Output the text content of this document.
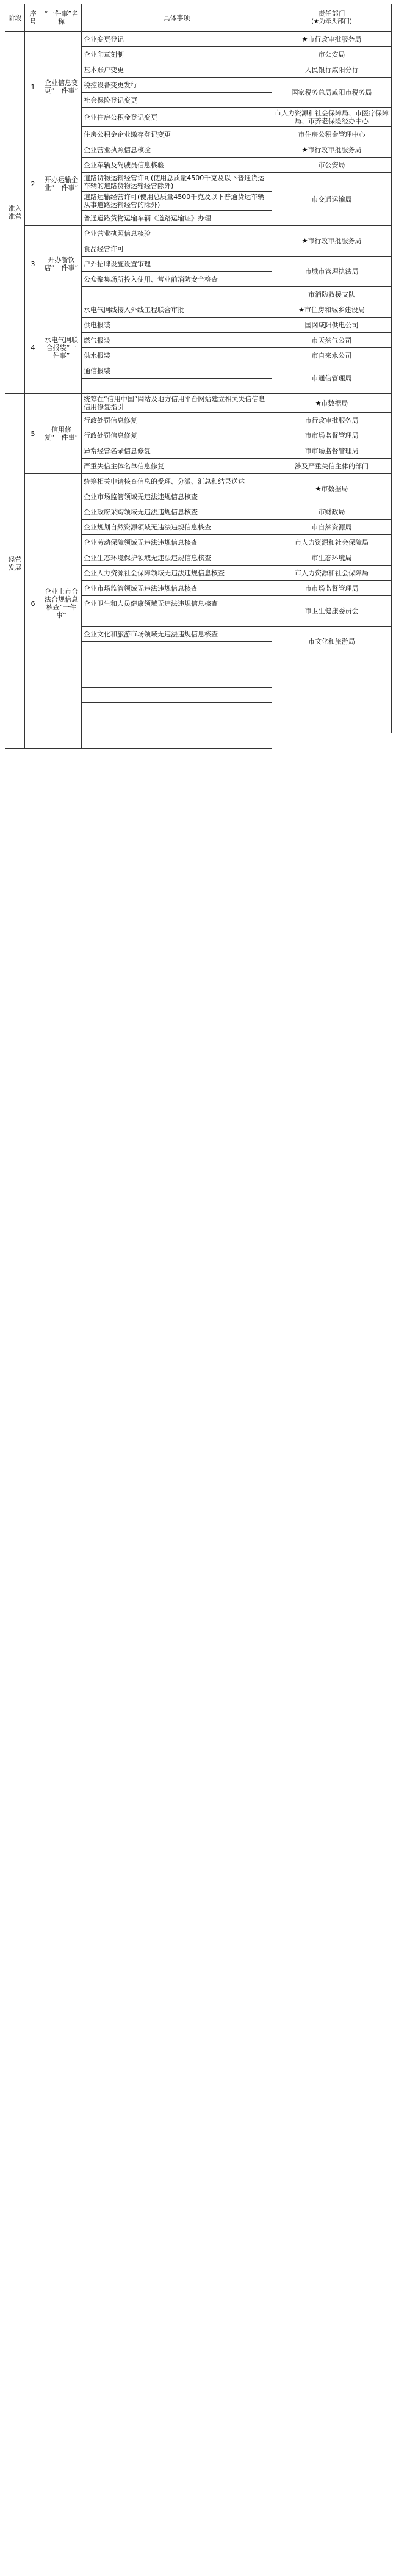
阶段	序号	“一件事”名称	具体事项	责任部门
(★为牵头部门)

准入准营	1	企业信息变更“一件事”	企业变更登记	★市行政审批服务局
			企业印章刻制	市公安局
			基本账户变更	人民银行咸阳分行
			税控设备变更发行	国家税务总局咸阳市税务局
			社会保险登记变更	
			企业住房公积金登记变更	市人力资源和社会保障局、市医疗保障局、市养老保险经办中心
			住房公积金企业缴存登记变更	市住房公积金管理中心
	2	开办运输企业“一件事”	企业营业执照信息核验	★市行政审批服务局
			企业车辆及驾驶员信息核验	市公安局
			道路货物运输经营许可(使用总质量4500千克及以下普通货运车辆的道路货物运输经营除外)	市交通运输局
			道路运输经营许可(使用总质量4500千克及以下普通货运车辆从事道路运输经营的除外)	
			普通道路货物运输车辆《道路运输证》办理	
	3	开办餐饮店“一件事”	企业营业执照信息核验	★市行政审批服务局
			食品经营许可	
			户外招牌设施设置审理	市城市管理执法局
			公众聚集场所投入使用、营业前消防安全检查	
				市消防救援支队
	4	水电气网联合报装“一件事”	水电气网线接入外线工程联合审批	★市住房和城乡建设局
			供电报装	国网咸阳供电公司
			燃气报装	市天然气公司
			供水报装	市自来水公司
			通信报装	市通信管理局

经营发展	5	信用修复“一件事”	统筹在“信用中国”网站及地方信用平台网站建立相关失信信息信用修复指引	★市数据局
			行政处罚信息修复	市行政审批服务局
			行政处罚信息修复	市市场监督管理局
			异常经营名录信息修复	市市场监督管理局
			严重失信主体名单信息修复	涉及严重失信主体的部门
	6	企业上市合法合规信息核查“一件事”	统筹相关申请核查信息的受理、分派、汇总和结果送达	★市数据局
			企业市场监管领域无违法违规信息核查	
			企业政府采购领域无违法违规信息核查	市财政局
			企业规划自然资源领域无违法违规信息核查	市自然资源局
			企业劳动保障领域无违法违规信息核查	市人力资源和社会保障局
			企业生态环境保护领域无违法违规信息核查	市生态环境局
			企业人力资源社会保障领域无违法违规信息核查	市人力资源和社会保障局
			企业市场监管领域无违法违规信息核查	市市场监督管理局
			企业卫生和人员健康领域无违法违规信息核查	市卫生健康委员会

			企业文化和旅游市场领域无违法违规信息核查	市文化和旅游局
